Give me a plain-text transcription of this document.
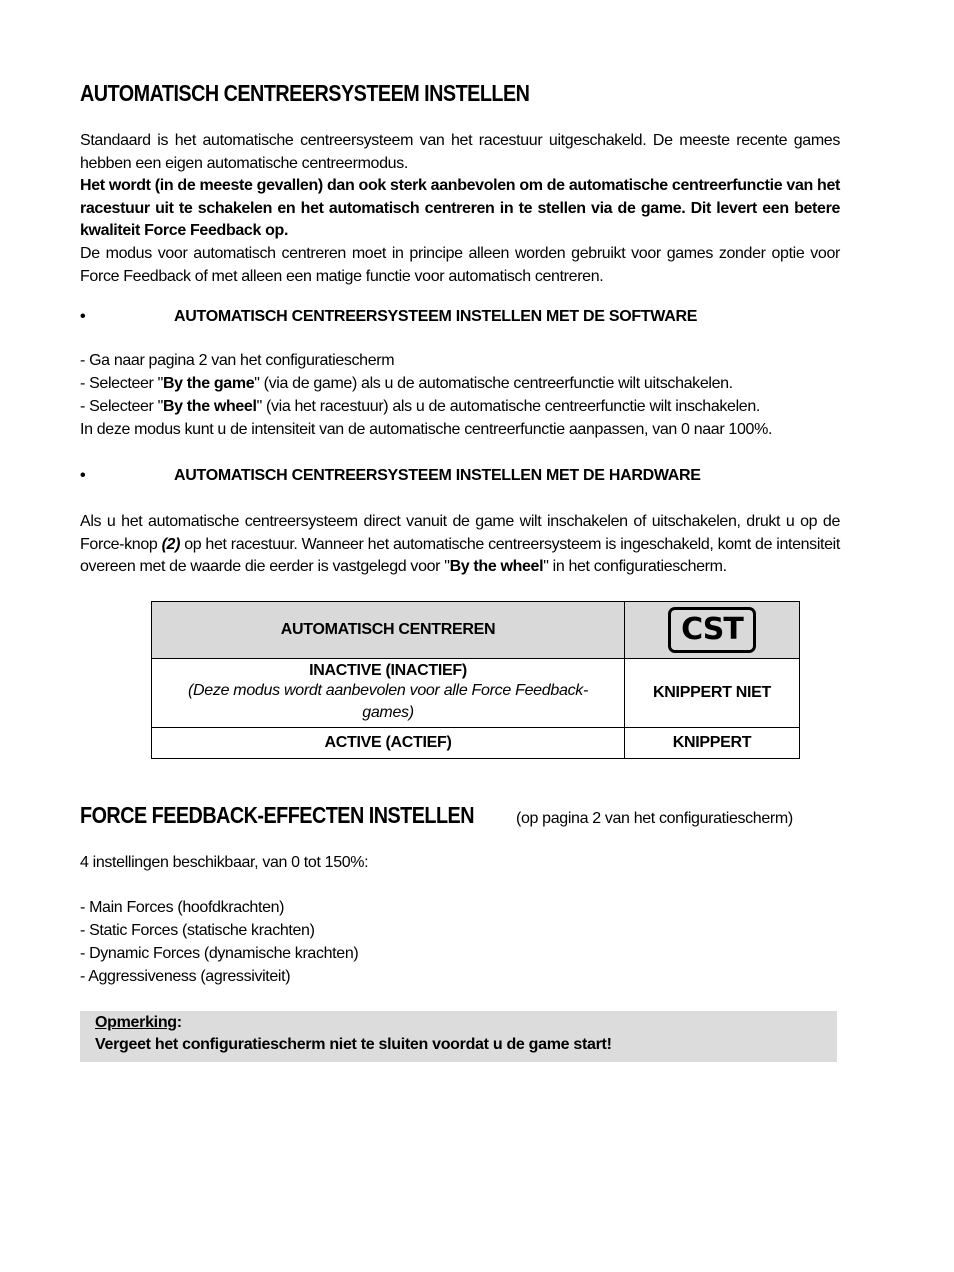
AUTOMATISCH CENTREERSYSTEEM INSTELLEN

Standaard is het automatische centreersysteem van het racestuur uitgeschakeld. De meeste recente games hebben een eigen automatische centreermodus.

Het wordt (in de meeste gevallen) dan ook sterk aanbevolen om de automatische centreerfunctie van het racestuur uit te schakelen en het automatisch centreren in te stellen via de game. Dit levert een betere kwaliteit Force Feedback op.

De modus voor automatisch centreren moet in principe alleen worden gebruikt voor games zonder optie voor Force Feedback of met alleen een matige functie voor automatisch centreren.

•	AUTOMATISCH CENTREERSYSTEEM INSTELLEN MET DE SOFTWARE
- Ga naar pagina 2 van het configuratiescherm
- Selecteer "By the game" (via de game) als u de automatische centreerfunctie wilt uitschakelen.
- Selecteer "By the wheel" (via het racestuur) als u de automatische centreerfunctie wilt inschakelen.
In deze modus kunt u de intensiteit van de automatische centreerfunctie aanpassen, van 0 naar 100%.
•	AUTOMATISCH CENTREERSYSTEEM INSTELLEN MET DE HARDWARE

Als u het automatische centreersysteem direct vanuit de game wilt inschakelen of uitschakelen, drukt u op de Force-knop (2) op het racestuur. Wanneer het automatische centreersysteem is ingeschakeld, komt de intensiteit overeen met de waarde die eerder is vastgelegd voor "By the wheel" in het configuratiescherm.

AUTOMATISCH CENTREREN	CST

INACTIVE (INACTIEF)
(Deze modus wordt aanbevolen voor alle Force Feedback-games)	KNIPPERT NIET
ACTIVE (ACTIEF)	KNIPPERT
FORCE FEEDBACK-EFFECTEN INSTELLEN	(op pagina 2 van het configuratiescherm)
4 instellingen beschikbaar, van 0 tot 150%:
- Main Forces (hoofdkrachten)
- Static Forces (statische krachten)
- Dynamic Forces (dynamische krachten)
- Aggressiveness (agressiviteit)
Opmerking:
Vergeet het configuratiescherm niet te sluiten voordat u de game start!
